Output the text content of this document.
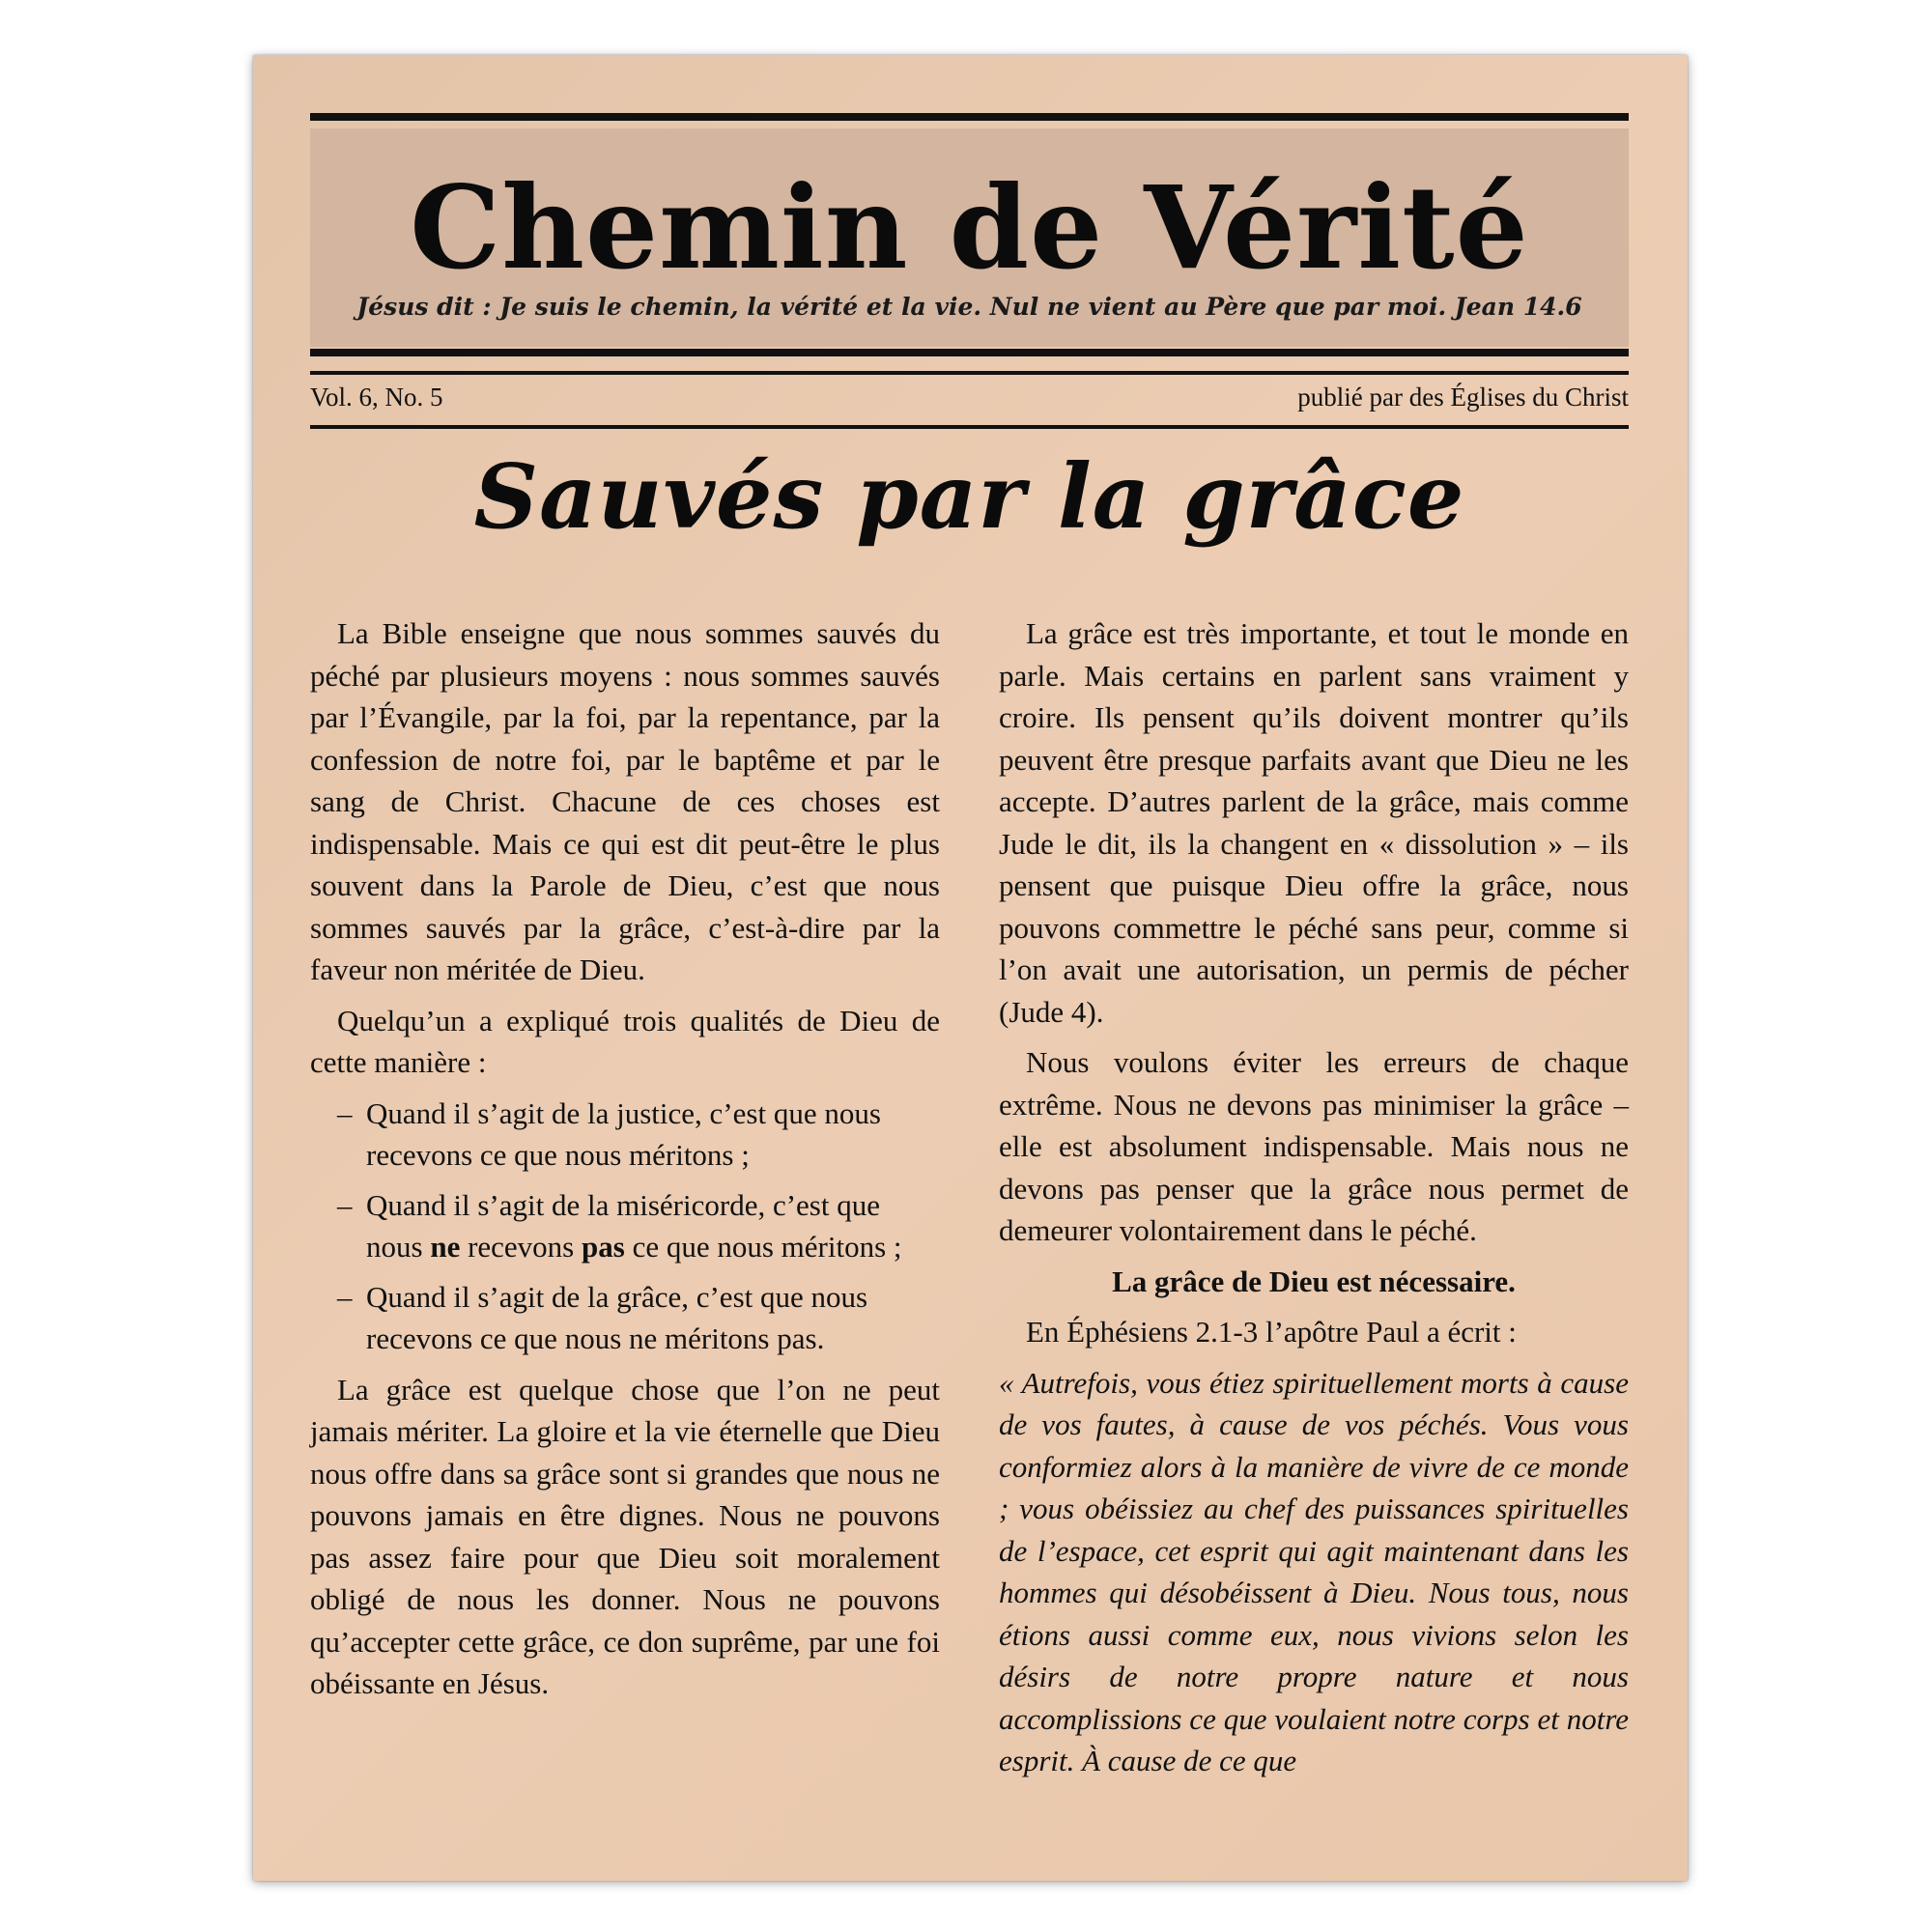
Chemin de Vérité
Jésus dit : Je suis le chemin, la vérité et la vie. Nul ne vient au Père que par moi. Jean 14.6
Vol. 6, No. 5	publié par des Églises du Christ
Sauvés par la grâce

La Bible enseigne que nous sommes sauvés du péché par plusieurs moyens : nous sommes sauvés par l’Évangile, par la foi, par la repentance, par la confession de notre foi, par le baptême et par le sang de Christ. Chacune de ces choses est indispensable. Mais ce qui est dit peut-être le plus souvent dans la Parole de Dieu, c’est que nous sommes sauvés par la grâce, c’est-à-dire par la faveur non méritée de Dieu.

Quelqu’un a expliqué trois qualités de Dieu de cette manière :

– Quand il s’agit de la justice, c’est que nous recevons ce que nous méritons ;
– Quand il s’agit de la miséricorde, c’est que nous ne recevons pas ce que nous méritons ;
– Quand il s’agit de la grâce, c’est que nous recevons ce que nous ne méritons pas.

La grâce est quelque chose que l’on ne peut jamais mériter. La gloire et la vie éternelle que Dieu nous offre dans sa grâce sont si grandes que nous ne pouvons jamais en être dignes. Nous ne pouvons pas assez faire pour que Dieu soit moralement obligé de nous les donner. Nous ne pouvons qu’accepter cette grâce, ce don suprême, par une foi obéissante en Jésus.

La grâce est très importante, et tout le monde en parle. Mais certains en parlent sans vraiment y croire. Ils pensent qu’ils doivent montrer qu’ils peuvent être presque parfaits avant que Dieu ne les accepte. D’autres parlent de la grâce, mais comme Jude le dit, ils la changent en « dissolution » – ils pensent que puisque Dieu offre la grâce, nous pouvons commettre le péché sans peur, comme si l’on avait une autorisation, un permis de pécher (Jude 4).

Nous voulons éviter les erreurs de chaque extrême. Nous ne devons pas minimiser la grâce – elle est absolument indispensable. Mais nous ne devons pas penser que la grâce nous permet de demeurer volontairement dans le péché.

La grâce de Dieu est nécessaire.

En Éphésiens 2.1-3 l’apôtre Paul a écrit :

« Autrefois, vous étiez spirituellement morts à cause de vos fautes, à cause de vos péchés. Vous vous conformiez alors à la manière de vivre de ce monde ; vous obéissiez au chef des puissances spirituelles de l’espace, cet esprit qui agit maintenant dans les hommes qui désobéissent à Dieu. Nous tous, nous étions aussi comme eux, nous vivions selon les désirs de notre propre nature et nous accomplissions ce que voulaient notre corps et notre esprit. À cause de ce que
